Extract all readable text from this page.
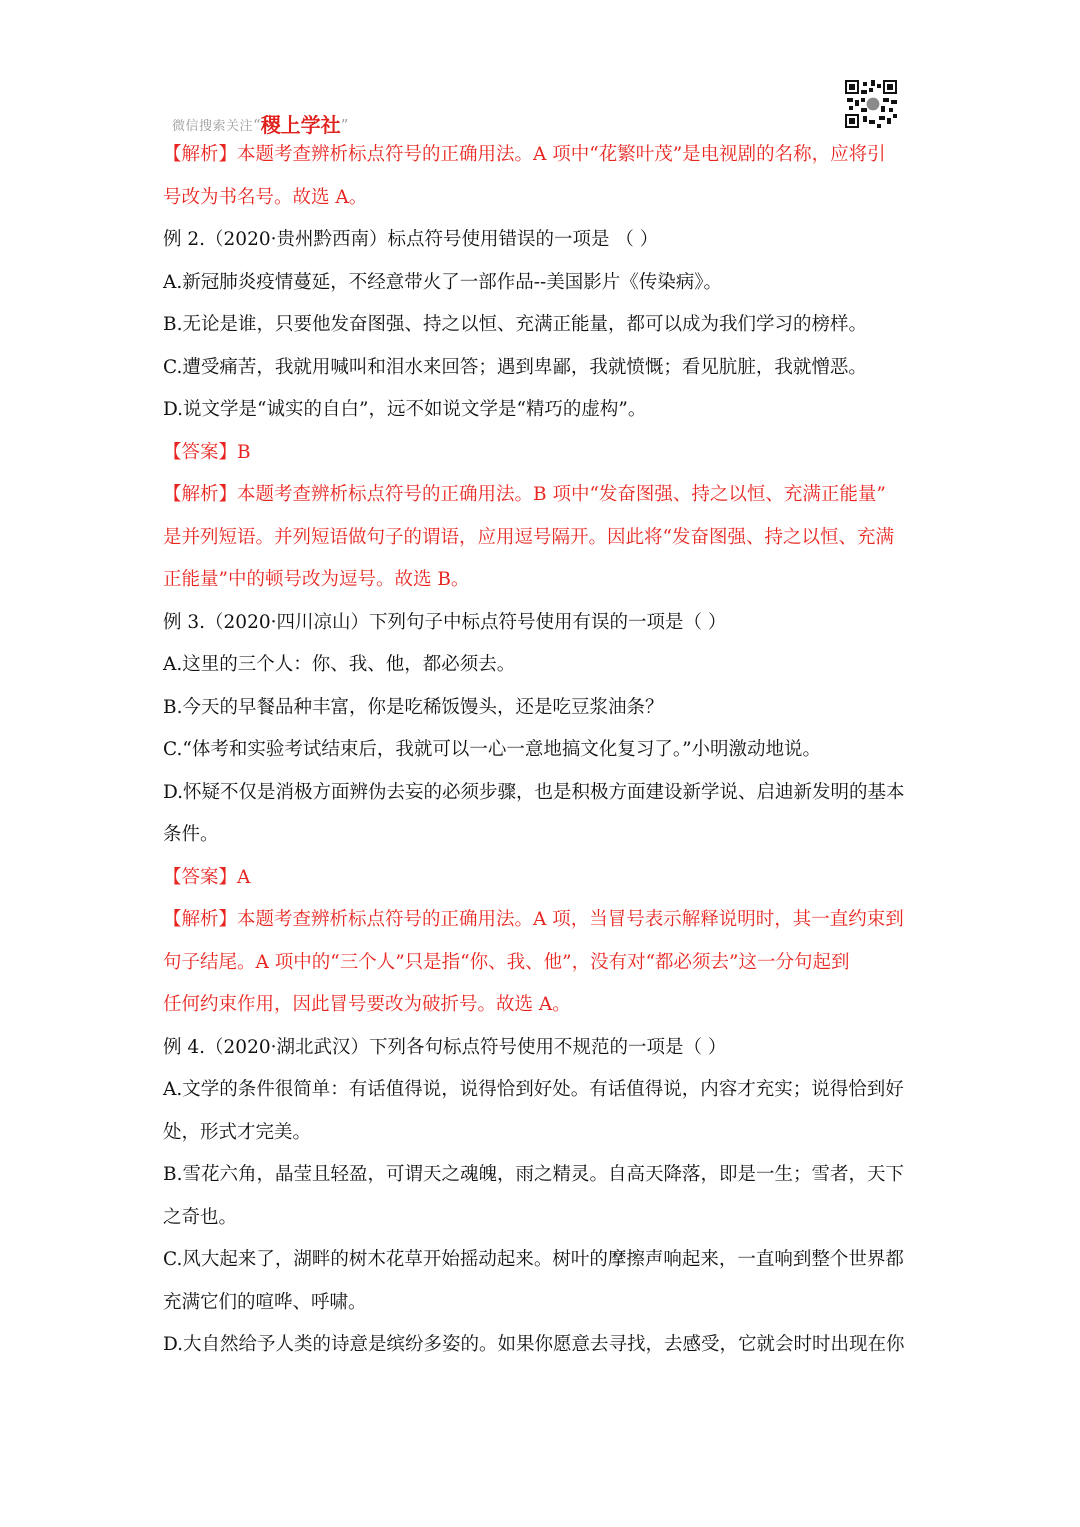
微信搜索关注 “ 稷上学社 ”
【解析】本题考查辨析标点符号的正确用法。A 项中“花繁叶茂”是电视剧的名称，应将引
号改为书名号。故选 A。
例 2.（2020·贵州黔西南）标点符号使用错误的一项是 （ ）
A.新冠肺炎疫情蔓延，不经意带火了一部作品--美国影片《传染病》。
B.无论是谁，只要他发奋图强、持之以恒、充满正能量，都可以成为我们学习的榜样。
C.遭受痛苦，我就用喊叫和泪水来回答；遇到卑鄙，我就愤慨；看见肮脏，我就憎恶。
D.说文学是“诚实的自白”，远不如说文学是“精巧的虚构”。
【答案】B
【解析】本题考查辨析标点符号的正确用法。B 项中“发奋图强、持之以恒、充满正能量”
是并列短语。并列短语做句子的谓语，应用逗号隔开。因此将“发奋图强、持之以恒、充满
正能量”中的顿号改为逗号。故选 B。
例 3.（2020·四川凉山）下列句子中标点符号使用有误的一项是（ ）
A.这里的三个人：你、我、他，都必须去。
B.今天的早餐品种丰富，你是吃稀饭馒头，还是吃豆浆油条？
C.“体考和实验考试结束后，我就可以一心一意地搞文化复习了。”小明激动地说。
D.怀疑不仅是消极方面辨伪去妄的必须步骤，也是积极方面建设新学说、启迪新发明的基本
条件。
【答案】A
【解析】本题考查辨析标点符号的正确用法。A 项，当冒号表示解释说明时，其一直约束到
句子结尾。A 项中的“三个人”只是指“你、我、他”，没有对“都必须去”这一分句起到
任何约束作用，因此冒号要改为破折号。故选 A。
例 4.（2020·湖北武汉）下列各句标点符号使用不规范的一项是（ ）
A.文学的条件很简单：有话值得说，说得恰到好处。有话值得说，内容才充实；说得恰到好
处，形式才完美。
B.雪花六角，晶莹且轻盈，可谓天之魂魄，雨之精灵。自高天降落，即是一生；雪者，天下
之奇也。
C.风大起来了，湖畔的树木花草开始摇动起来。树叶的摩擦声响起来，一直响到整个世界都
充满它们的喧哗、呼啸。
D.大自然给予人类的诗意是缤纷多姿的。如果你愿意去寻找，去感受，它就会时时出现在你
